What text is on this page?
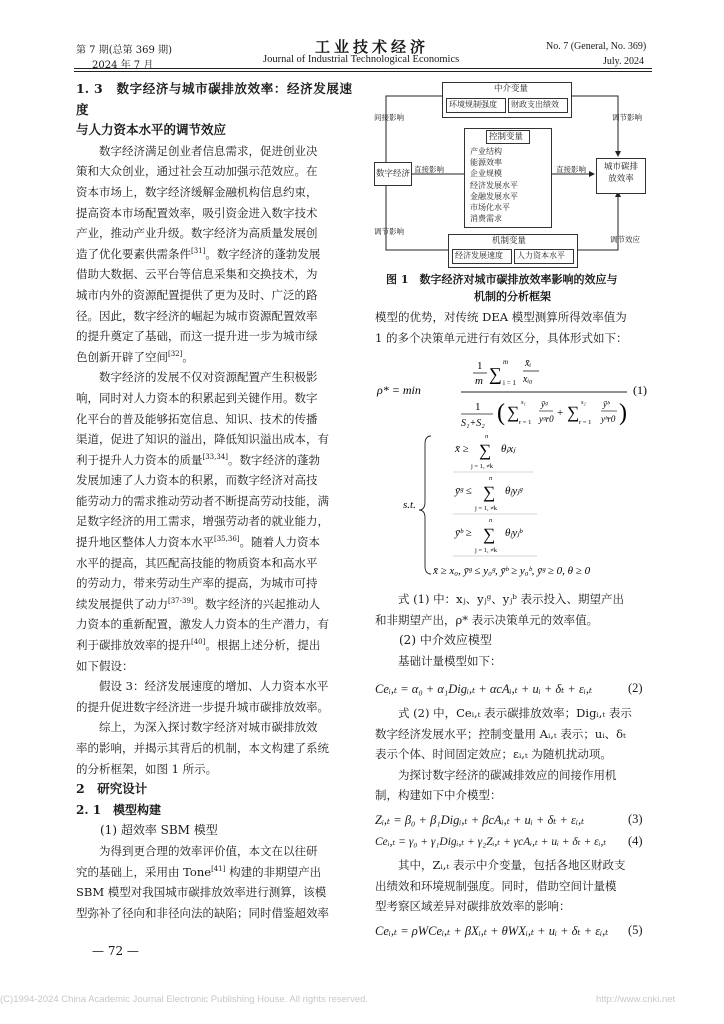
第 7 期(总第 369 期)
2024 年 7 月
工业技术经济
Journal of Industrial Technological Economics
No. 7 (General, No. 369)
July. 2024
1. 3　数字经济与城市碳排放效率：经济发展速度
与人力资本水平的调节效应
数字经济满足创业者信息需求，促进创业决
策和大众创业，通过社会互动加强示范效应。在
资本市场上，数字经济缓解金融机构信息约束，
提高资本市场配置效率，吸引资金进入数字技术
产业，推动产业升级。数字经济为高质量发展创
造了优化要素供需条件[31]。数字经济的蓬勃发展
借助大数据、云平台等信息采集和交换技术，为
城市内外的资源配置提供了更为及时、广泛的路
径。因此，数字经济的崛起为城市资源配置效率
的提升奠定了基础，而这一提升进一步为城市绿
色创新开辟了空间[32]。
数字经济的发展不仅对资源配置产生积极影
响，同时对人力资本的积累起到关键作用。数字
化平台的普及能够拓宽信息、知识、技术的传播
渠道，促进了知识的溢出，降低知识溢出成本，有
利于提升人力资本的质量[33,34]。数字经济的蓬勃
发展加速了人力资本的积累，而数字经济对高技
能劳动力的需求推动劳动者不断提高劳动技能，满
足数字经济的用工需求，增强劳动者的就业能力，
提升地区整体人力资本水平[35,36]。随着人力资本
水平的提高，其匹配高技能的物质资本和高水平
的劳动力，带来劳动生产率的提高，为城市可持
续发展提供了动力[37-39]。数字经济的兴起推动人
力资本的重新配置，激发人力资本的生产潜力，有
利于碳排放效率的提升[40]。根据上述分析，提出
如下假设：
假设 3：经济发展速度的增加、人力资本水平
的提升促进数字经济进一步提升城市碳排放效率。
综上，为深入探讨数字经济对城市碳排放效
率的影响，并揭示其背后的机制，本文构建了系统
的分析框架，如图 1 所示。
2　研究设计
2. 1　模型构建
(1) 超效率 SBM 模型
为得到更合理的效率评价值，本文在以往研
究的基础上，采用由 Tone[41] 构建的非期望产出
SBM 模型对我国城市碳排放效率进行测算，该模
型弥补了径向和非径向法的缺陷；同时借鉴超效率
— 72 —
中介变量
环境规制强度 财政支出绩效
控制变量
产业结构
能源效率
企业规模
经济发展水平
金融发展水平
市场化水平
消费需求
数字经济
城市碳排放效率
间接影响
直接影响	直接影响
调节影响
调节影响
调节效应
机制变量
经济发展速度 人力资本水平
图 1　数字经济对城市碳排放效率影响的效应与
机制的分析框架
模型的优势，对传统 DEA 模型测算所得效率值为
1 的多个决策单元进行有效区分，具体形式如下：
ρ* = min
1
m ∑ i = 1
m x̄ᵢ
xᵢ₀
1
S₁+S₂ ( ∑
r = 1
s₁ ȳᵍ
yᵍr0 + ∑
r = 1
s₂ ȳᵇ
yᵇr0 )
(1)
s.t.
x̄ ≥ ∑
j = 1, ≠k
n
θⱼxⱼ
ȳᵍ ≤ ∑
j = 1, ≠k
n
θⱼyⱼᵍ
ȳᵇ ≥ ∑
j = 1, ≠k
n
θⱼyⱼᵇ
x̄ ≥ x₀, ȳᵍ ≤ y₀ᵍ, ȳᵇ ≥ y₀ᵇ, ȳᵍ ≥ 0, θ ≥ 0
式 (1) 中：xⱼ、yⱼᵍ、yⱼᵇ 表示投入、期望产出
和非期望产出，ρ* 表示决策单元的效率值。
(2) 中介效应模型
基础计量模型如下：
Ceᵢ,ₜ = α₀ + α₁Digᵢ,ₜ + αcAᵢ,ₜ + uᵢ + δₜ + εᵢ,ₜ	(2)
式 (2) 中，Ceᵢ,ₜ 表示碳排放效率；Digᵢ,ₜ 表示
数字经济发展水平；控制变量用 Aᵢ,ₜ 表示；uᵢ、δₜ
表示个体、时间固定效应；εᵢ,ₜ 为随机扰动项。
为探讨数字经济的碳减排效应的间接作用机
制，构建如下中介模型：
Zᵢ,ₜ = β₀ + β₁Digᵢ,ₜ + βcAᵢ,ₜ + uᵢ + δₜ + εᵢ,ₜ	(3)
Ceᵢ,ₜ = γ₀ + γ₁Digᵢ,ₜ + γ₂Zᵢ,ₜ + γcAᵢ,ₜ + uᵢ + δₜ + εᵢ,ₜ (4)
其中，Zᵢ,ₜ 表示中介变量，包括各地区财政支
出绩效和环境规制强度。同时，借助空间计量模
型考察区域差异对碳排放效率的影响：
Ceᵢ,ₜ = ρWCeᵢ,ₜ + βXᵢ,ₜ + θWXᵢ,ₜ + uᵢ + δₜ + εᵢ,ₜ (5)
(C)1994-2024 China Academic Journal Electronic Publishing House. All rights reserved.	http://www.cnki.net
